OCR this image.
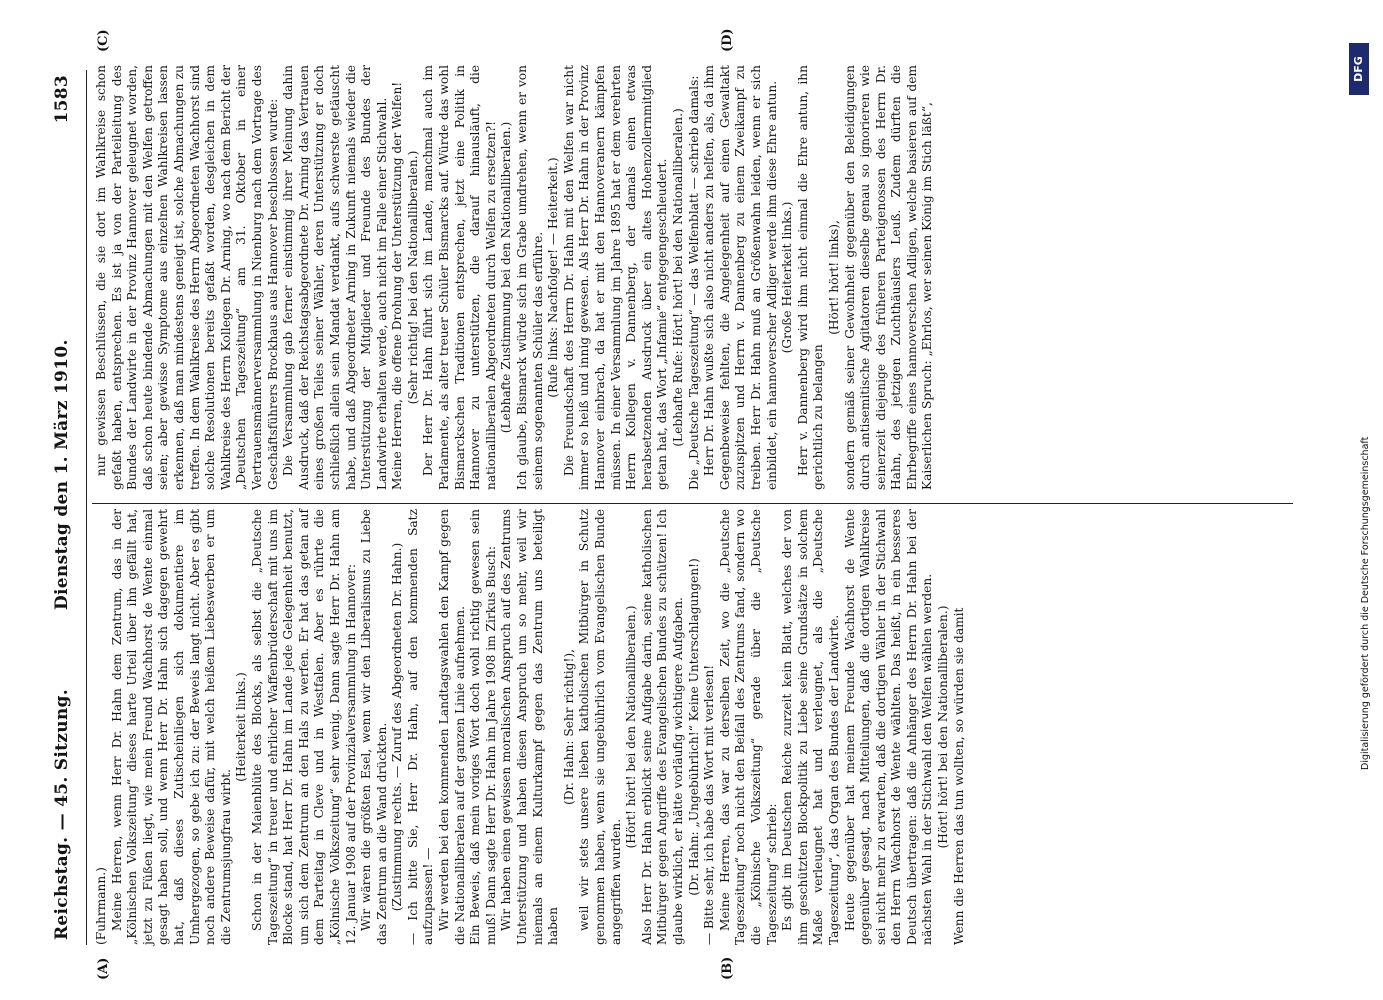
Reichstag. — 45. Sitzung.
Dienstag den 1. März 1910.
1583
(A)	(B)
(C)	(D)

(Fuhrmann.) Meine Herren, wenn Herr Dr. Hahn dem Zentrum, das in der „Kölnischen Volkszeitung“ dieses harte Urteil über ihn gefällt hat, jetzt zu Füßen liegt, wie mein Freund Wachhorst de Wente einmal gesagt haben soll, und wenn Herr Dr. Hahn sich dagegen gewehrt hat, daß dieses Zutischeinliegen sich dokumentiere im Umhergezogen, so gebe ich zu: der Beweis langt nicht. Aber es gibt noch andere Beweise dafür, mit welch heißem Liebeswerben er um die Zentrumsjungfrau wirbt.

(Heiterkeit links.) Schon in der Maienblüte des Blocks, als selbst die „Deutsche Tageszeitung“ in treuer und ehrlicher Waffenbrüderschaft mit uns im Blocke stand, hat Herr Dr. Hahn im Lande jede Gelegenheit benutzt, um sich dem Zentrum an den Hals zu werfen. Er hat das getan auf dem Parteitag in Cleve und in Westfalen. Aber es rührte die „Kölnische Volkszeitung“ sehr wenig. Dann sagte Herr Dr. Hahn am 12. Januar 1908 auf der Provinzialversammlung in Hannover: Wir wären die größten Esel, wenn wir den Liberalismus zu Liebe das Zentrum an die Wand drückten. (Zustimmung rechts. — Zuruf des Abgeordneten Dr. Hahn.) — Ich bitte Sie, Herr Dr. Hahn, auf den kommenden Satz aufzupassen! — Wir werden bei den kommenden Landtagswahlen den Kampf gegen die Nationalliberalen auf der ganzen Linie aufnehmen. Ein Beweis, daß mein voriges Wort doch wohl richtig gewesen sein muß! Dann sagte Herr Dr. Hahn im Jahre 1908 im Zirkus Busch: Wir haben einen gewissen moralischen Anspruch auf des Zentrums Unterstützung und haben diesen Anspruch um so mehr, weil wir niemals an einem Kulturkampf gegen das Zentrum uns beteiligt haben

(Dr. Hahn: Sehr richtig!), weil wir stets unsere lieben katholischen Mitbürger in Schutz genommen haben, wenn sie ungebührlich vom Evangelischen Bunde angegriffen wurden.

(Hört! hört! bei den Nationalliberalen.) Also Herr Dr. Hahn erblickt seine Aufgabe darin, seine katholischen Mitbürger gegen Angriffe des Evangelischen Bundes zu schützen! Ich glaube wirklich, er hätte vorläufig wichtigere Aufgaben. (Dr. Hahn: „Ungebührlich!“ Keine Unterschlagungen!) — Bitte sehr, ich habe das Wort mit verlesen! Meine Herren, das war zu derselben Zeit, wo die „Deutsche Tageszeitung“ noch nicht den Beifall des Zentrums fand, sondern wo die „Kölnische Volkszeitung“ gerade über die „Deutsche Tageszeitung“ schrieb: Es gibt im Deutschen Reiche zurzeit kein Blatt, welches der von ihm geschützten Blockpolitik zu Liebe seine Grundsätze in solchem Maße verleugnet hat und verleugnet, als die „Deutsche Tageszeitung“, das Organ des Bundes der Landwirte. Heute gegenüber hat meinem Freunde Wachhorst de Wente gegenüber gesagt, nach Mitteilungen, daß die dortigen Wahlkreise sei nicht mehr zu erwarten, daß die dortigen Wähler in der Stichwahl den Herrn Wachhorst de Wente wählten. Das heißt, in ein besseres Deutsch übertragen: daß die Anhänger des Herrn Dr. Hahn bei der nächsten Wahl in der Stichwahl den Welfen wählen werden. (Hört! hört! bei den Nationalliberalen.) Wenn die Herren das tun wollten, so würden sie damit

nur gewissen Beschlüssen, die sie dort im Wahlkreise schon gefaßt haben, entsprechen. Es ist ja von der Parteileitung des Bundes der Landwirte in der Provinz Hannover geleugnet worden, daß schon heute bindende Abmachungen mit den Welfen getroffen seien; aber gewisse Symptome aus einzelnen Wahlkreisen lassen erkennen, daß man mindestens geneigt ist, solche Abmachungen zu treffen. In dem Wahlkreise des Herrn Abgeordneten Wachhorst sind solche Resolutionen bereits gefaßt worden, desgleichen in dem Wahlkreise des Herrn Kollegen Dr. Arning, wo nach dem Bericht der „Deutschen Tageszeitung“ am 31. Oktober in einer Vertrauensmännerversammlung in Nienburg nach dem Vortrage des Geschäftsführers Brockhaus aus Hannover beschlossen wurde: Die Versammlung gab ferner einstimmig ihrer Meinung dahin Ausdruck, daß der Reichstagsabgeordnete Dr. Arning das Vertrauen eines großen Teiles seiner Wähler, deren Unterstützung er doch schließlich allein sein Mandat verdankt, aufs schwerste getäuscht habe, und daß Abgeordneter Arning in Zukunft niemals wieder die Unterstützung der Mitglieder und Freunde des Bundes der Landwirte erhalten werde, auch nicht im Falle einer Stichwahl. Meine Herren, die offene Drohung der Unterstützung der Welfen! (Sehr richtig! bei den Nationalliberalen.) Der Herr Dr. Hahn führt sich im Lande, manchmal auch im Parlamente, als alter treuer Schüler Bismarcks auf. Würde das wohl Bismarckschen Traditionen entsprechen, jetzt eine Politik in Hannover zu unterstützen, die darauf hinausläuft, die nationalliberalen Abgeordneten durch Welfen zu ersetzen?! (Lebhafte Zustimmung bei den Nationalliberalen.) Ich glaube, Bismarck würde sich im Grabe umdrehen, wenn er von seinem sogenannten Schüler das erführe. (Rufe links: Nachfolger! — Heiterkeit.) Die Freundschaft des Herrn Dr. Hahn mit den Welfen war nicht immer so heiß und innig gewesen. Als Herr Dr. Hahn in der Provinz Hannover einbrach, da hat er mit den Hannoveranern kämpfen müssen. In einer Versammlung im Jahre 1895 hat er dem verehrten Herrn Kollegen v. Dannenberg, der damals einen etwas herabsetzenden Ausdruck über ein altes Hohenzollernmitglied getan hat, das Wort „Infamie“ entgegengeschleudert. (Lebhafte Rufe: Hört! hört! bei den Nationalliberalen.) Die „Deutsche Tageszeitung“ — das Welfenblatt — schrieb damals: Herr Dr. Hahn wußte sich also nicht anders zu helfen, als, da ihm Gegenbeweise fehlten, die Angelegenheit auf einen Gewaltakt zuzuspitzen und Herrn v. Dannenberg zu einem Zweikampf zu treiben. Herr Dr. Hahn muß an Größenwahn leiden, wenn er sich einbildet, ein hannoverscher Adliger werde ihm diese Ehre antun. (Große Heiterkeit links.) Herr v. Dannenberg wird ihm nicht einmal die Ehre antun, ihn gerichtlich zu belangen

(Hört! hört! links), sondern gemäß seiner Gewohnheit gegenüber den Beleidigungen durch antisemitische Agitatoren dieselbe genau so ignorieren wie seinerzeit diejenige des früheren Parteigenossen des Herrn Dr. Hahn, des jetzigen Zuchthäuslers Leuß. Zudem dürften die Ehrbegriffe eines hannoverschen Adligen, welche basieren auf dem Kaiserlichen Spruch: „Ehrlos, wer seinen König im Stich läßt“,

Digitalisierung gefördert durch die Deutsche Forschungsgemeinschaft
DFG
